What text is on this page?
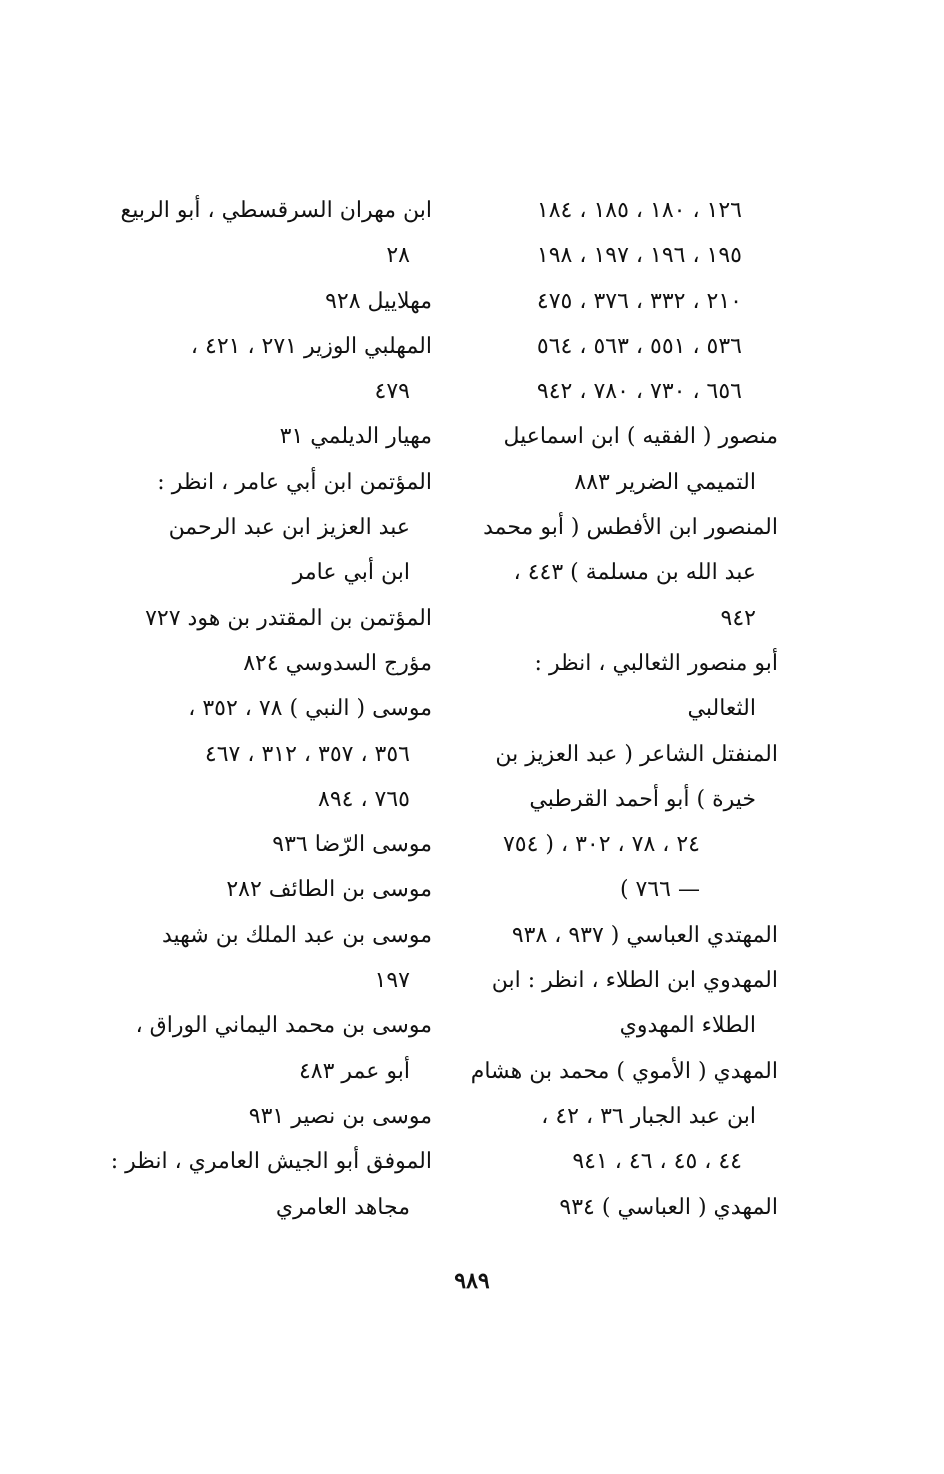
١٢٦ ، ١٨٠ ، ١٨٥ ، ١٨٤
١٩٥ ، ١٩٦ ، ١٩٧ ، ١٩٨
٢١٠ ، ٣٣٢ ، ٣٧٦ ، ٤٧٥
٥٣٦ ، ٥٥١ ، ٥٦٣ ، ٥٦٤
٦٥٦ ، ٧٣٠ ، ٧٨٠ ، ٩٤٢
منصور ( الفقيه ) ابن اسماعيل
التميمي الضرير ٨٨٣
المنصور ابن الأفطس ( أبو محمد
عبد الله بن مسلمة ) ٤٤٣ ،
٩٤٢
أبو منصور الثعالبي ، انظر :
الثعالبي
المنفتل الشاعر ( عبد العزيز بن
خيرة ) أبو أحمد القرطبي
٢٤ ، ٧٨ ، ٣٠٢ ، ( ٧٥٤
— ٧٦٦ )
المهتدي العباسي ( ٩٣٧ ، ٩٣٨
المهدوي ابن الطلاء ، انظر : ابن
الطلاء المهدوي
المهدي ( الأموي ) محمد بن هشام
ابن عبد الجبار ٣٦ ، ٤٢ ،
٤٤ ، ٤٥ ، ٤٦ ، ٩٤١
المهدي ( العباسي ) ٩٣٤
ابن مهران السرقسطي ، أبو الربيع
٢٨
مهلاييل ٩٢٨
المهلبي الوزير ٢٧١ ، ٤٢١ ،
٤٧٩
مهيار الديلمي ٣١
المؤتمن ابن أبي عامر ، انظر :
عبد العزيز ابن عبد الرحمن
ابن أبي عامر
المؤتمن بن المقتدر بن هود ٧٢٧
مؤرج السدوسي ٨٢٤
موسى ( النبي ) ٧٨ ، ٣٥٢ ،
٣٥٦ ، ٣٥٧ ، ٣١٢ ، ٤٦٧
٧٦٥ ، ٨٩٤
موسى الرّضا ٩٣٦
موسى بن الطائف ٢٨٢
موسى بن عبد الملك بن شهيد
١٩٧
موسى بن محمد اليماني الوراق ،
أبو عمر ٤٨٣
موسى بن نصير ٩٣١
الموفق أبو الجيش العامري ، انظر :
مجاهد العامري
٩٨٩
